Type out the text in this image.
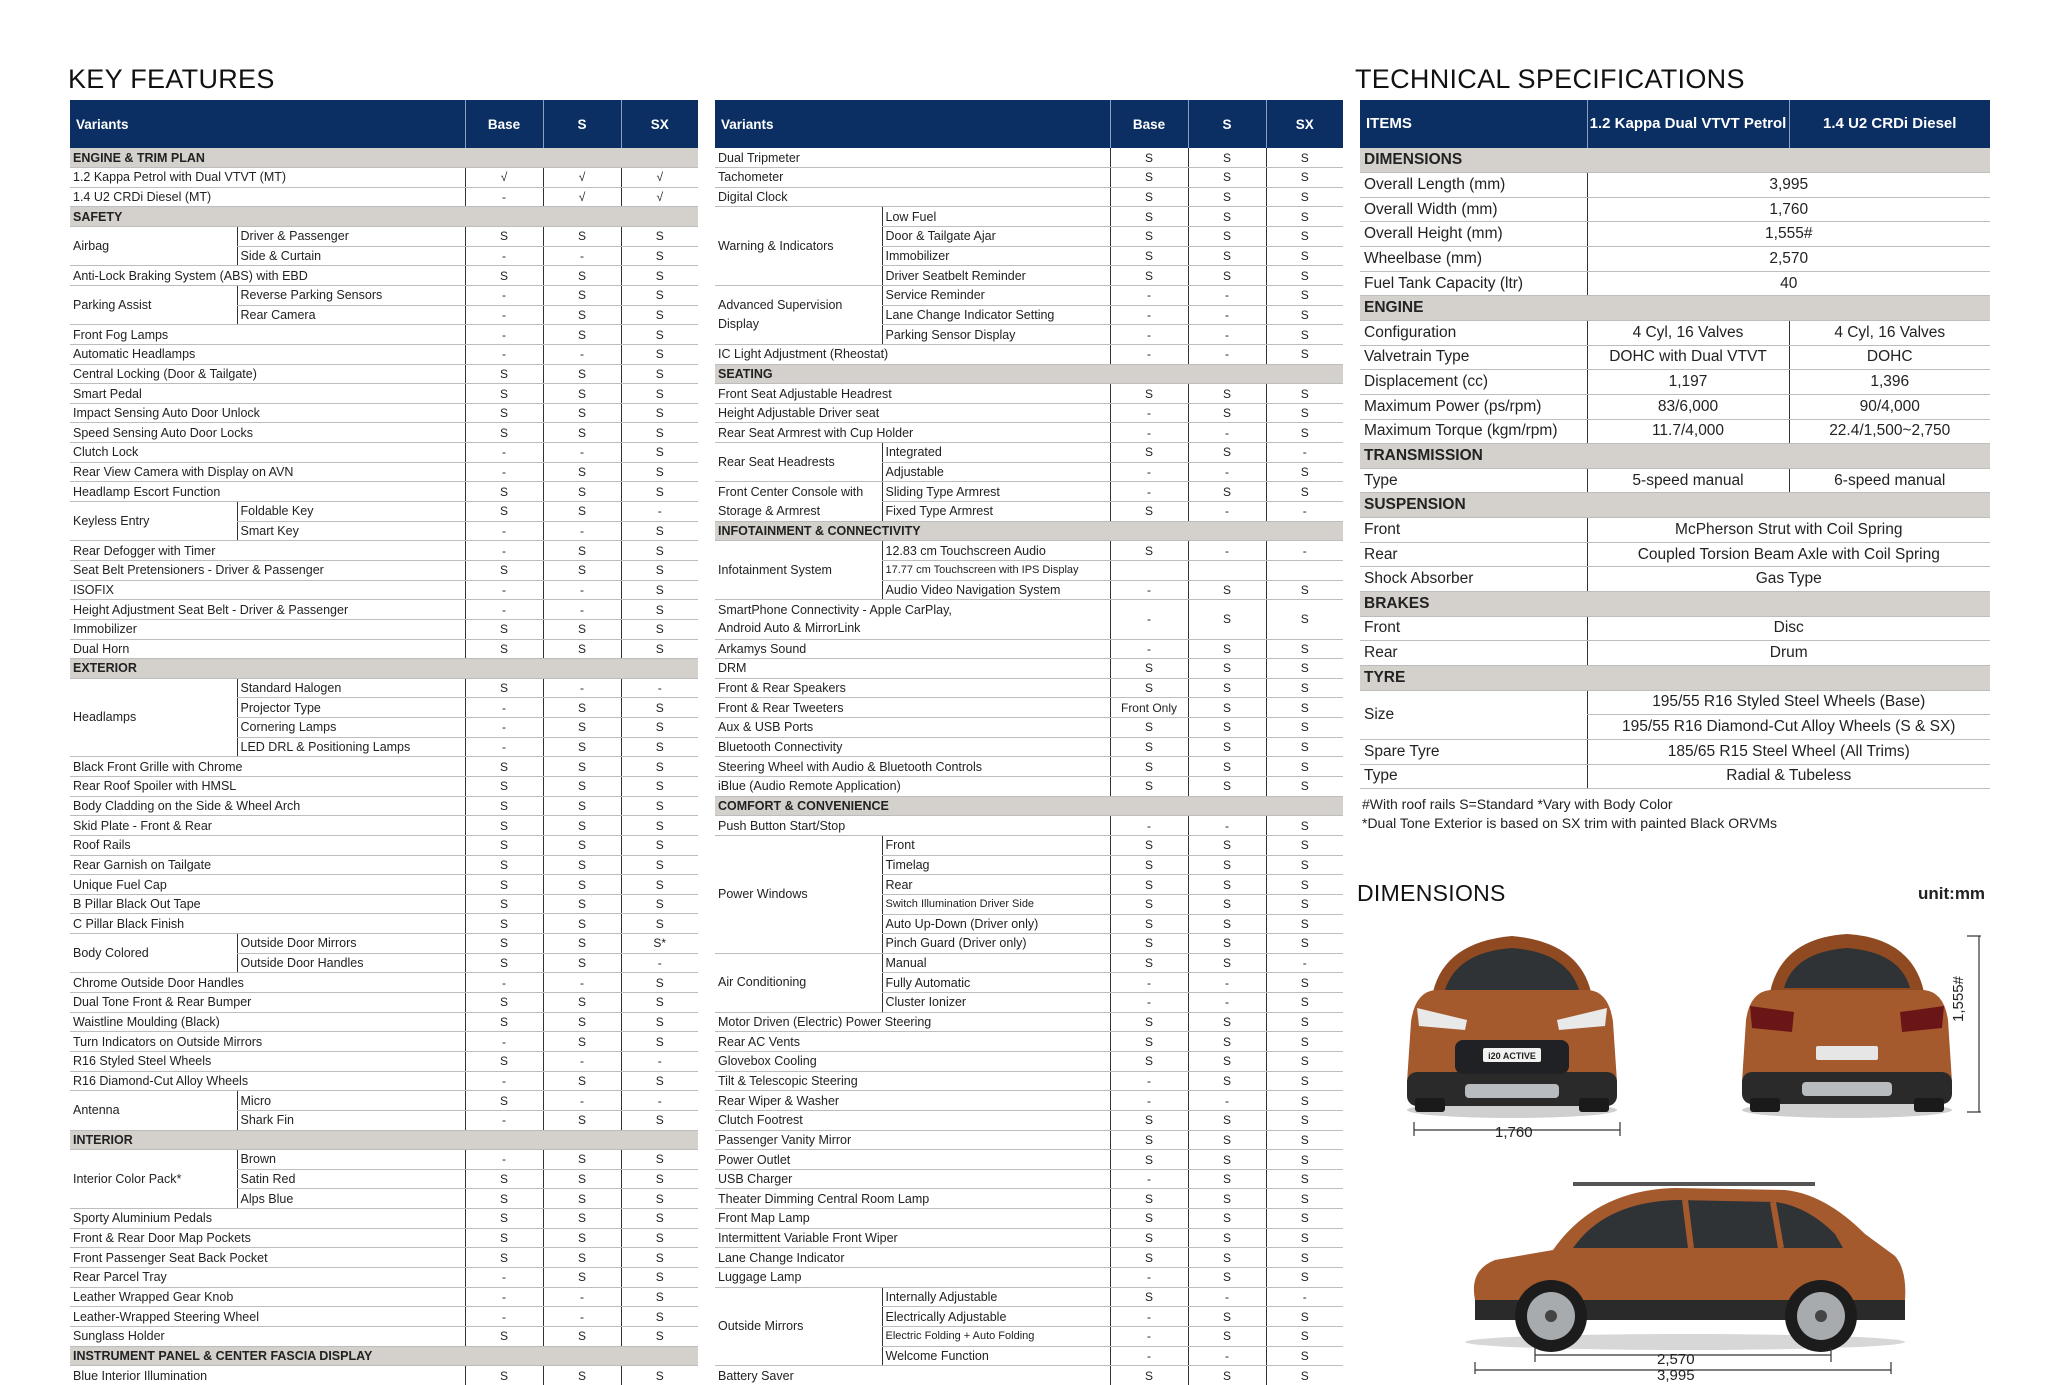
KEY FEATURES	TECHNICAL SPECIFICATIONS
Variants		Base	S	SX
ENGINE & TRIM PLAN				
1.2 Kappa Petrol with Dual VTVT (MT)		√	√	√
1.4 U2 CRDi Diesel (MT)		-	√	√
SAFETY				
Airbag	Driver & Passenger	S	S	S
	Side & Curtain	-	-	S
Anti-Lock Braking System (ABS) with EBD		S	S	S
Parking Assist	Reverse Parking Sensors	-	S	S
	Rear Camera	-	S	S
Front Fog Lamps		-	S	S
Automatic Headlamps		-	-	S
Central Locking (Door & Tailgate)		S	S	S
Smart Pedal		S	S	S
Impact Sensing Auto Door Unlock		S	S	S
Speed Sensing Auto Door Locks		S	S	S
Clutch Lock		-	-	S
Rear View Camera with Display on AVN		-	S	S
Headlamp Escort Function		S	S	S
Keyless Entry	Foldable Key	S	S	-
	Smart Key	-	-	S
Rear Defogger with Timer		-	S	S
Seat Belt Pretensioners - Driver & Passenger		S	S	S
ISOFIX		-	-	S
Height Adjustment Seat Belt - Driver & Passenger		-	-	S
Immobilizer		S	S	S
Dual Horn		S	S	S
EXTERIOR				
Headlamps	Standard Halogen	S	-	-
	Projector Type	-	S	S
	Cornering Lamps	-	S	S
	LED DRL & Positioning Lamps	-	S	S
Black Front Grille with Chrome		S	S	S
Rear Roof Spoiler with HMSL		S	S	S
Body Cladding on the Side & Wheel Arch		S	S	S
Skid Plate - Front & Rear		S	S	S
Roof Rails		S	S	S
Rear Garnish on Tailgate		S	S	S
Unique Fuel Cap		S	S	S
B Pillar Black Out Tape		S	S	S
C Pillar Black Finish		S	S	S
Body Colored	Outside Door Mirrors	S	S	S*
	Outside Door Handles	S	S	-
Chrome Outside Door Handles		-	-	S
Dual Tone Front & Rear Bumper		S	S	S
Waistline Moulding (Black)		S	S	S
Turn Indicators on Outside Mirrors		-	S	S
R16 Styled Steel Wheels		S	-	-
R16 Diamond-Cut Alloy Wheels		-	S	S
Antenna	Micro	S	-	-
	Shark Fin	-	S	S
INTERIOR				
Interior Color Pack*	Brown	-	S	S
	Satin Red	S	S	S
	Alps Blue	S	S	S
Sporty Aluminium Pedals		S	S	S
Front & Rear Door Map Pockets		S	S	S
Front Passenger Seat Back Pocket		S	S	S
Rear Parcel Tray		-	S	S
Leather Wrapped Gear Knob		-	-	S
Leather-Wrapped Steering Wheel		-	-	S
Sunglass Holder		S	S	S
INSTRUMENT PANEL & CENTER FASCIA DISPLAY				
Blue Interior Illumination		S	S	S
Variants		Base	S	SX
Dual Tripmeter		S	S	S
Tachometer		S	S	S
Digital Clock		S	S	S
Warning & Indicators	Low Fuel	S	S	S
	Door & Tailgate Ajar	S	S	S
	Immobilizer	S	S	S
	Driver Seatbelt Reminder	S	S	S
Advanced Supervision Display	Service Reminder	-	-	S
	Lane Change Indicator Setting	-	-	S
	Parking Sensor Display	-	-	S
IC Light Adjustment (Rheostat)		-	-	S
SEATING				
Front Seat Adjustable Headrest		S	S	S
Height Adjustable Driver seat		-	S	S
Rear Seat Armrest with Cup Holder		-	-	S
Rear Seat Headrests	Integrated	S	S	-
	Adjustable	-	-	S
Front Center Console with Storage & Armrest	Sliding Type Armrest	-	S	S
	Fixed Type Armrest	S	-	-
INFOTAINMENT & CONNECTIVITY				
Infotainment System	12.83 cm Touchscreen Audio	S	-	-
	17.77 cm Touchscreen with IPS Display			
	Audio Video Navigation System	-	S	S

SmartPhone Connectivity - Apple CarPlay,
Android Auto & MirrorLink		-	S	S
Arkamys Sound		-	S	S
DRM		S	S	S
Front & Rear Speakers		S	S	S
Front & Rear Tweeters		Front Only	S	S
Aux & USB Ports		S	S	S
Bluetooth Connectivity		S	S	S
Steering Wheel with Audio & Bluetooth Controls		S	S	S
iBlue (Audio Remote Application)		S	S	S
COMFORT & CONVENIENCE				
Push Button Start/Stop		-	-	S
Power Windows	Front	S	S	S
	Timelag	S	S	S
	Rear	S	S	S
	Switch Illumination Driver Side	S	S	S
	Auto Up-Down (Driver only)	S	S	S
	Pinch Guard (Driver only)	S	S	S
Air Conditioning	Manual	S	S	-
	Fully Automatic	-	-	S
	Cluster Ionizer	-	-	S
Motor Driven (Electric) Power Steering		S	S	S
Rear AC Vents		S	S	S
Glovebox Cooling		S	S	S
Tilt & Telescopic Steering		-	S	S
Rear Wiper & Washer		-	-	S
Clutch Footrest		S	S	S
Passenger Vanity Mirror		S	S	S
Power Outlet		S	S	S
USB Charger		-	S	S
Theater Dimming Central Room Lamp		S	S	S
Front Map Lamp		S	S	S
Intermittent Variable Front Wiper		S	S	S
Lane Change Indicator		S	S	S
Luggage Lamp		-	S	S
Outside Mirrors	Internally Adjustable	S	-	-
	Electrically Adjustable	-	S	S
	Electric Folding + Auto Folding	-	S	S
	Welcome Function	-	-	S
Battery Saver		S	S	S
ITEMS	1.2 Kappa Dual VTVT Petrol	1.4 U2 CRDi Diesel
DIMENSIONS		
Overall Length (mm)	3,995	
Overall Width (mm)	1,760	
Overall Height (mm)	1,555#	
Wheelbase (mm)	2,570	
Fuel Tank Capacity (ltr)	40	
ENGINE		
Configuration	4 Cyl, 16 Valves	4 Cyl, 16 Valves
Valvetrain Type	DOHC with Dual VTVT	DOHC
Displacement (cc)	1,197	1,396
Maximum Power (ps/rpm)	83/6,000	90/4,000
Maximum Torque (kgm/rpm)	11.7/4,000	22.4/1,500~2,750
TRANSMISSION		
Type	5-speed manual	6-speed manual
SUSPENSION		
Front	McPherson Strut with Coil Spring	
Rear	Coupled Torsion Beam Axle with Coil Spring	
Shock Absorber	Gas Type	
BRAKES		
Front	Disc	
Rear	Drum	
TYRE		
Size	195/55 R16 Styled Steel Wheels (Base)	
	195/55 R16 Diamond-Cut Alloy Wheels (S & SX)	
Spare Tyre	185/65 R15 Steel Wheel (All Trims)	
Type	Radial & Tubeless	
#With roof rails S=Standard *Vary with Body Color
*Dual Tone Exterior is based on SX trim with painted Black ORVMs
DIMENSIONS	unit:mm
i20 ACTIVE
1,555#
1,760
2,570
3,995
